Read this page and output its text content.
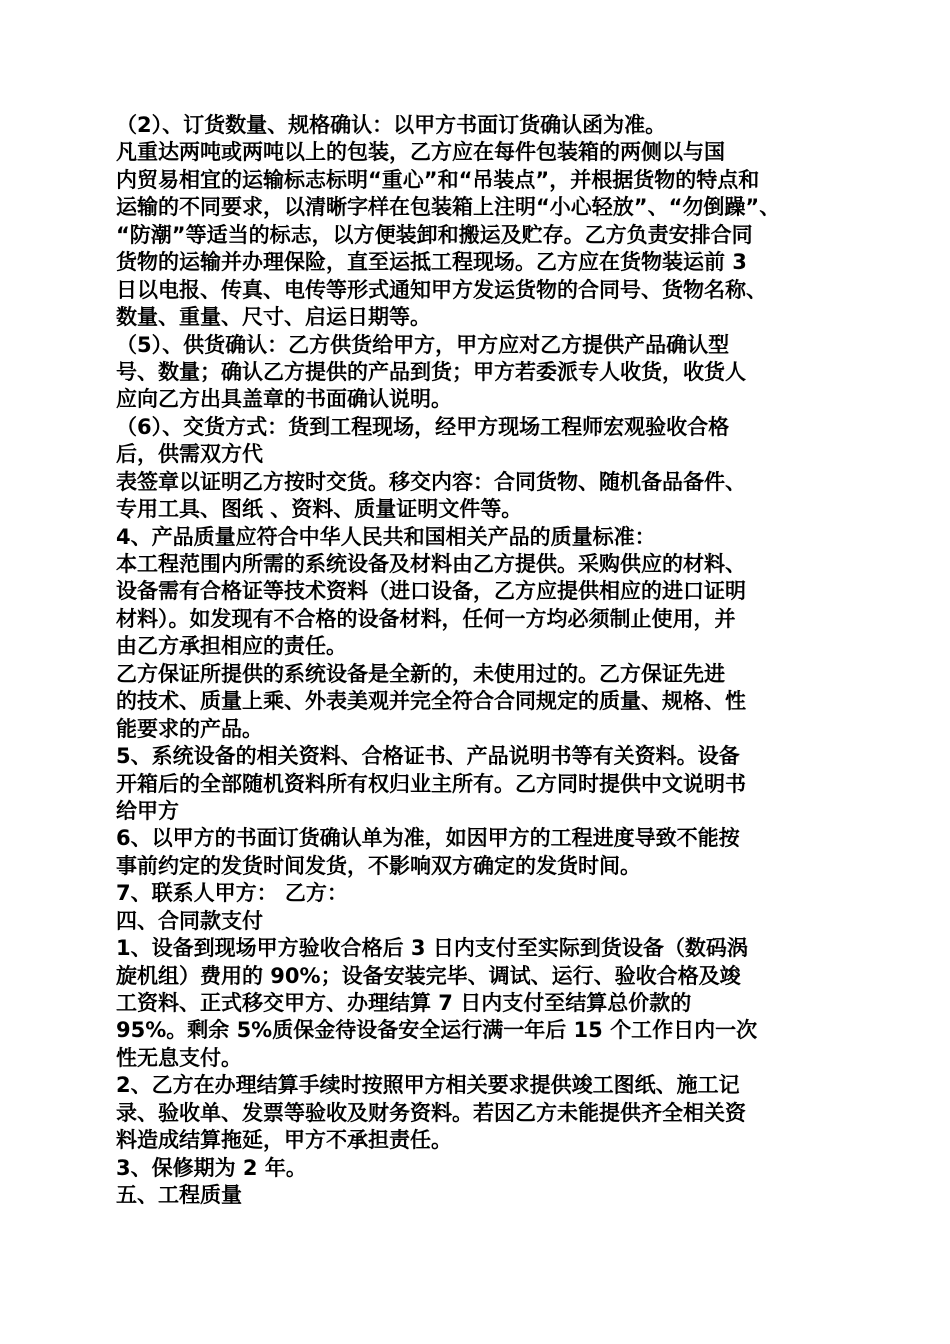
（2）、订货数量、规格确认：以甲方书面订货确认函为准。
凡重达两吨或两吨以上的包装，乙方应在每件包装箱的两侧以与国
内贸易相宜的运输标志标明“重心”和“吊装点”，并根据货物的特点和
运输的不同要求，以清晰字样在包装箱上注明“小心轻放”、“勿倒躁”、
“防潮”等适当的标志，以方便装卸和搬运及贮存。乙方负责安排合同
货物的运输并办理保险，直至运抵工程现场。乙方应在货物装运前 3
日以电报、传真、电传等形式通知甲方发运货物的合同号、货物名称、
数量、重量、尺寸、启运日期等。
（5）、供货确认：乙方供货给甲方，甲方应对乙方提供产品确认型
号、数量；确认乙方提供的产品到货；甲方若委派专人收货，收货人
应向乙方出具盖章的书面确认说明。
（6）、交货方式：货到工程现场，经甲方现场工程师宏观验收合格
后，供需双方代
表签章以证明乙方按时交货。移交内容：合同货物、随机备品备件、
专用工具、图纸 、资料、质量证明文件等。
4、产品质量应符合中华人民共和国相关产品的质量标准：
本工程范围内所需的系统设备及材料由乙方提供。采购供应的材料、
设备需有合格证等技术资料（进口设备，乙方应提供相应的进口证明
材料）。如发现有不合格的设备材料，任何一方均必须制止使用，并
由乙方承担相应的责任。
乙方保证所提供的系统设备是全新的，未使用过的。乙方保证先进
的技术、质量上乘、外表美观并完全符合合同规定的质量、规格、性
能要求的产品。
5、系统设备的相关资料、合格证书、产品说明书等有关资料。设备
开箱后的全部随机资料所有权归业主所有。乙方同时提供中文说明书
给甲方
6、以甲方的书面订货确认单为准，如因甲方的工程进度导致不能按
事前约定的发货时间发货，不影响双方确定的发货时间。
7、联系人甲方： 乙方：
四、合同款支付
1、设备到现场甲方验收合格后 3 日内支付至实际到货设备（数码涡
旋机组）费用的 90%；设备安装完毕、调试、运行、验收合格及竣
工资料、正式移交甲方、办理结算 7 日内支付至结算总价款的
95%。剩余 5%质保金待设备安全运行满一年后 15 个工作日内一次
性无息支付。
2、乙方在办理结算手续时按照甲方相关要求提供竣工图纸、施工记
录、验收单、发票等验收及财务资料。若因乙方未能提供齐全相关资
料造成结算拖延，甲方不承担责任。
3、保修期为 2 年。
五、工程质量
